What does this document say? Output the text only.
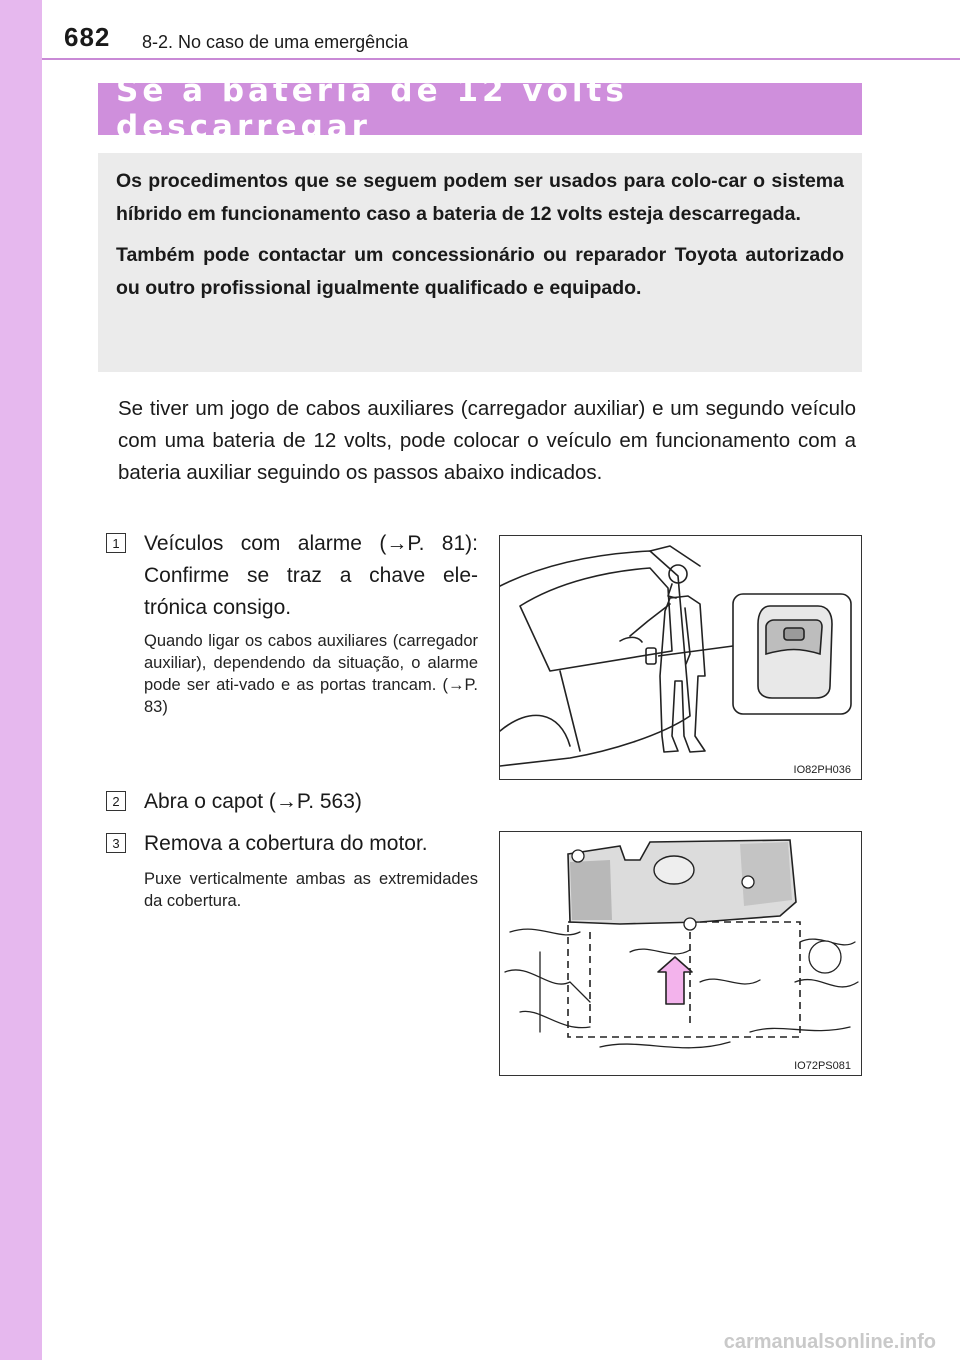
682 8-2. No caso de uma emergência
Se a bateria de 12 volts descarregar

Os procedimentos que se seguem podem ser usados para colo-car o sistema híbrido em funcionamento caso a bateria de 12 volts esteja descarregada.

Também pode contactar um concessionário ou reparador Toyota autorizado ou outro profissional igualmente qualificado e equipado.

Se tiver um jogo de cabos auxiliares (carregador auxiliar) e um segundo veículo com uma bateria de 12 volts, pode colocar o veículo em funcionamento com a bateria auxiliar seguindo os passos abaixo indicados.

1	Veículos com alarme (→P. 81): Confirme se traz a chave ele-trónica consigo.

Quando ligar os cabos auxiliares (carregador auxiliar), dependendo da situação, o alarme pode ser ati-vado e as portas trancam. (→P. 83)

IO82PH036
2	Abra o capot (→P. 563)

3	Remova a cobertura do motor.

Puxe verticalmente ambas as extremidades da cobertura.

IO72PS081
carmanualsonline.info
